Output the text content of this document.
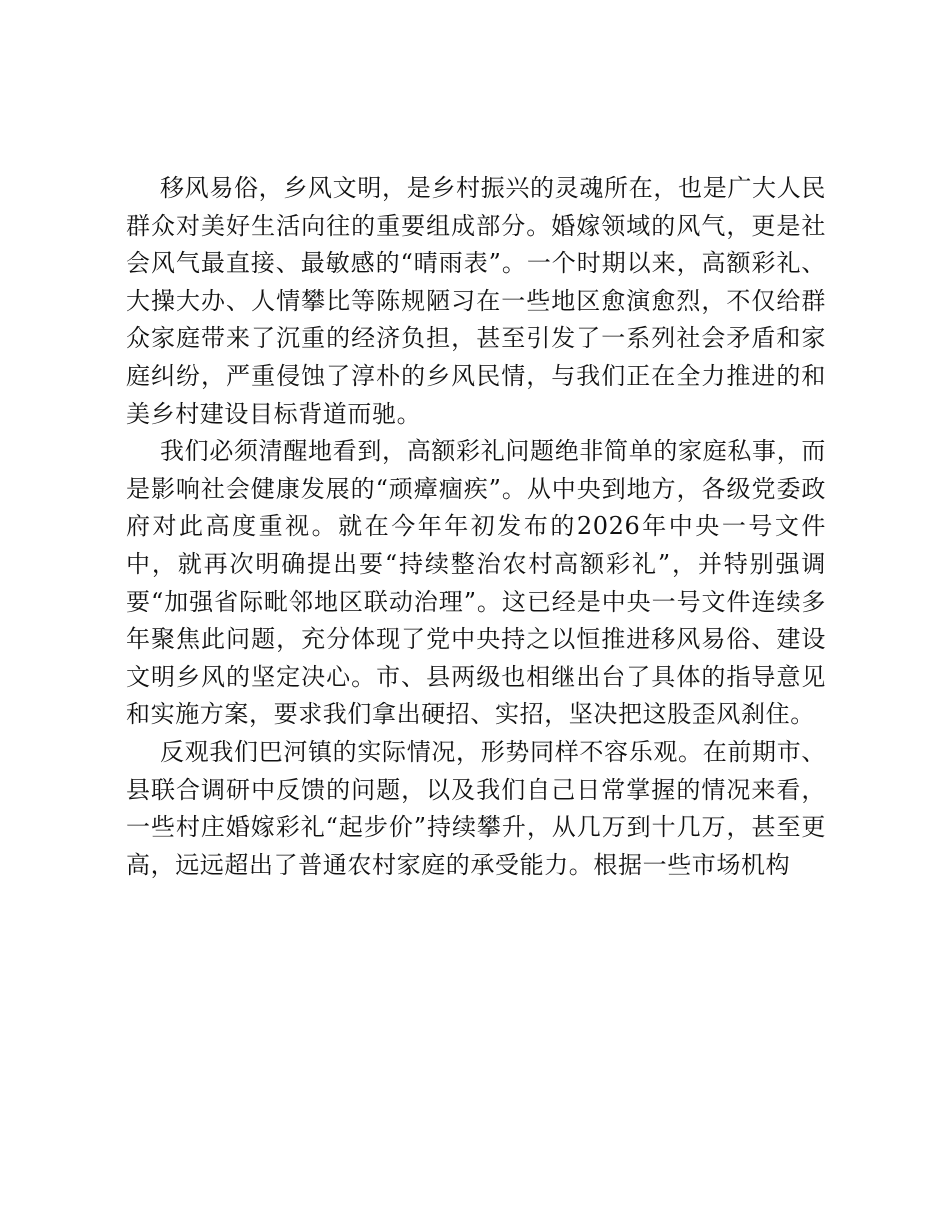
移风易俗，乡风文明，是乡村振兴的灵魂所在，也是广大人民群众对美好生活向往的重要组成部分。婚嫁领域的风气，更是社会风气最直接、最敏感的“晴雨表”。一个时期以来，高额彩礼、大操大办、人情攀比等陈规陋习在一些地区愈演愈烈，不仅给群众家庭带来了沉重的经济负担，甚至引发了一系列社会矛盾和家庭纠纷，严重侵蚀了淳朴的乡风民情，与我们正在全力推进的和美乡村建设目标背道而驰。

我们必须清醒地看到，高额彩礼问题绝非简单的家庭私事，而是影响社会健康发展的“顽瘴痼疾”。从中央到地方，各级党委政府对此高度重视。就在今年年初发布的2026年中央一号文件中，就再次明确提出要“持续整治农村高额彩礼”，并特别强调要“加强省际毗邻地区联动治理”。这已经是中央一号文件连续多年聚焦此问题，充分体现了党中央持之以恒推进移风易俗、建设文明乡风的坚定决心。市、县两级也相继出台了具体的指导意见和实施方案，要求我们拿出硬招、实招，坚决把这股歪风刹住。

反观我们巴河镇的实际情况，形势同样不容乐观。在前期市、县联合调研中反馈的问题，以及我们自己日常掌握的情况来看，一些村庄婚嫁彩礼“起步价”持续攀升，从几万到十几万，甚至更高，远远超出了普通农村家庭的承受能力。根据一些市场机构
